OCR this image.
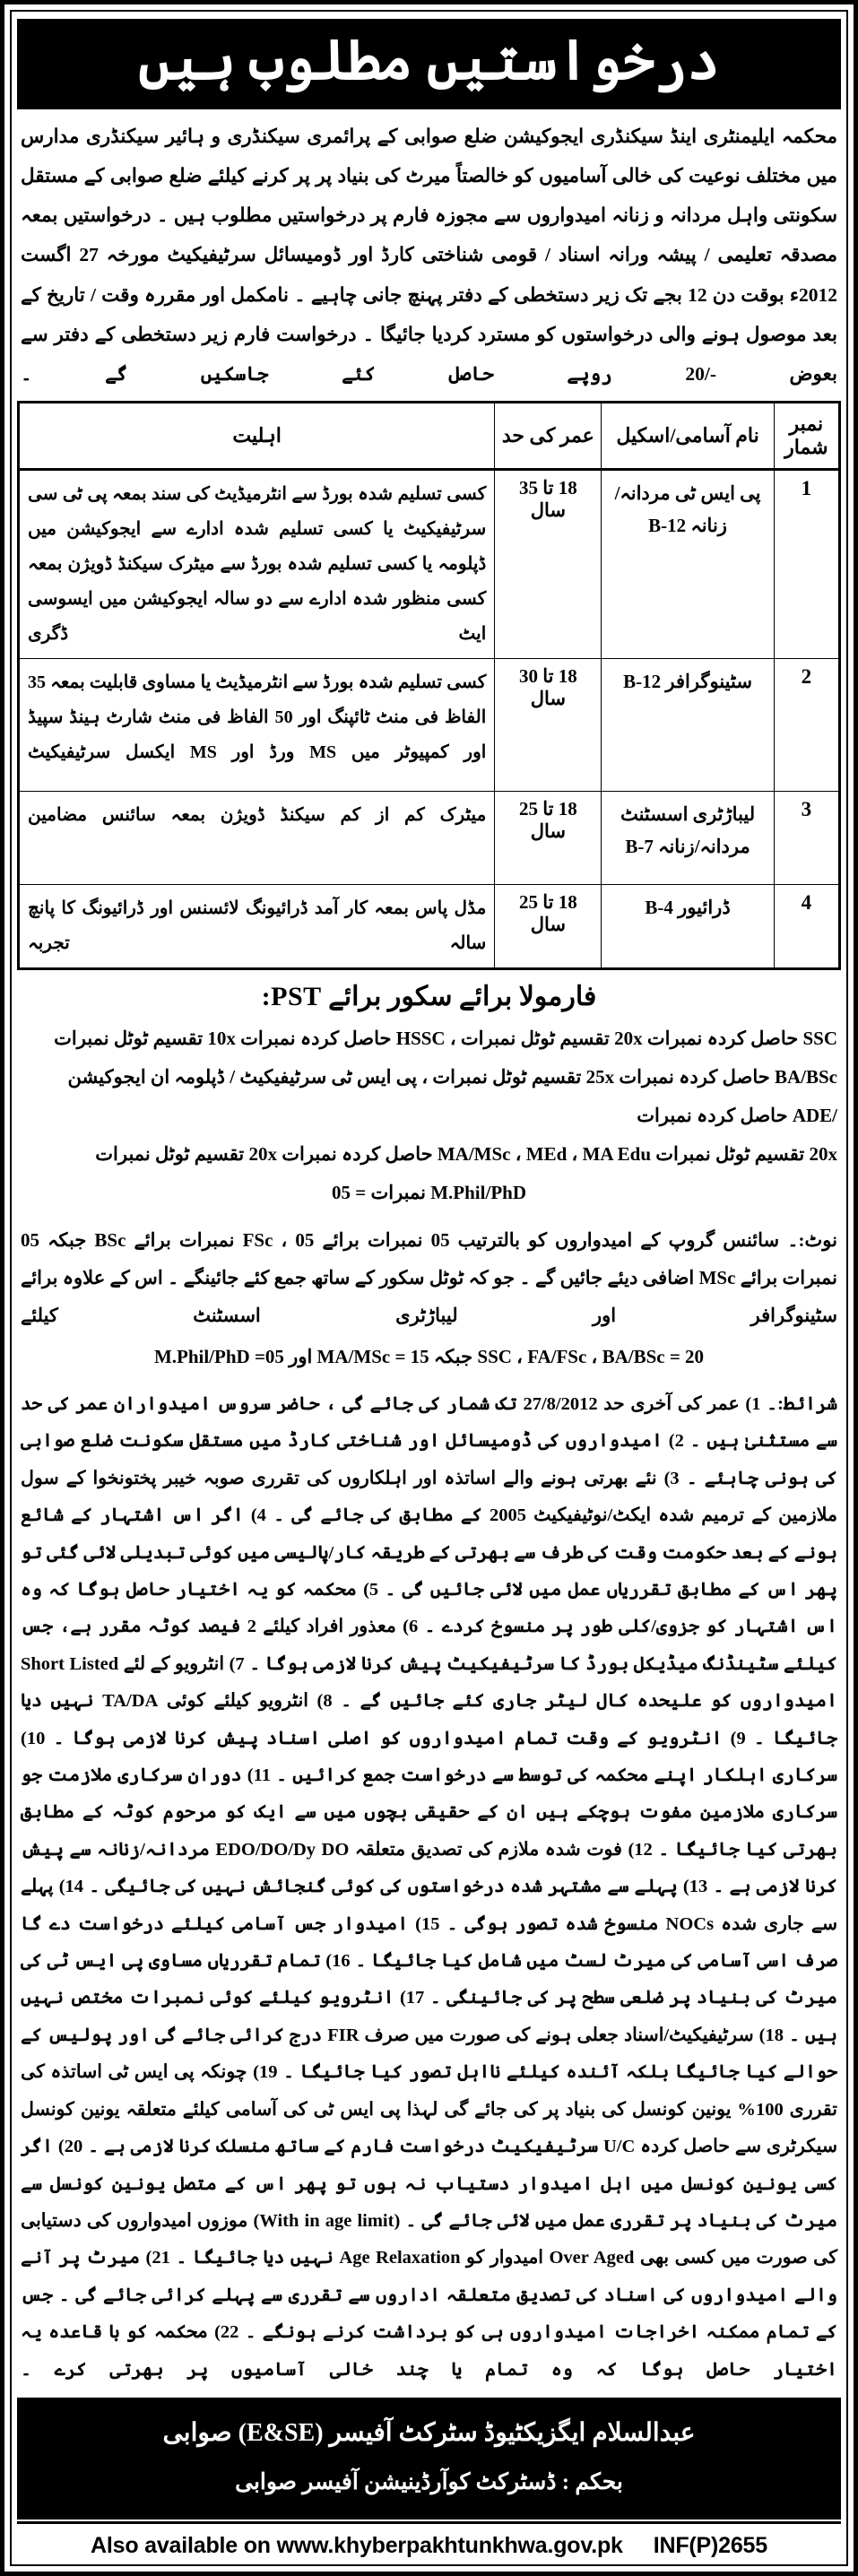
درخواستیں مطلوب ہیں
محکمہ ایلیمنٹری اینڈ سیکنڈری ایجوکیشن ضلع صوابی کے پرائمری سیکنڈری و ہائیر سیکنڈری مدارس میں مختلف نوعیت کی خالی آسامیوں کو خالصتاً میرٹ کی بنیاد پر پر کرنے کیلئے ضلع صوابی کے مستقل سکونتی واہل مردانہ و زنانہ امیدواروں سے مجوزہ فارم پر درخواستیں مطلوب ہیں ۔ درخواستیں بمعہ مصدقہ تعلیمی / پیشہ ورانہ اسناد / قومی شناختی کارڈ اور ڈومیسائل سرٹیفیکیٹ مورخہ 27 اگست 2012ء بوقت دن 12 بجے تک زیر دستخطی کے دفتر پہنچ جانی چاہیے ۔ نامکمل اور مقررہ وقت / تاریخ کے بعد موصول ہونے والی درخواستوں کو مسترد کردیا جائیگا ۔ درخواست فارم زیر دستخطی کے دفتر سے بعوض -/20 روپے حاصل کئے جاسکیں گے ۔
نمبر شمار	نام آسامی/اسکیل	عمر کی حد	اہلیت
1	پی ایس ٹی مردانہ/
زنانہ B-12	18 تا 35 سال	کسی تسلیم شدہ بورڈ سے انٹرمیڈیٹ کی سند بمعہ پی ٹی سی سرٹیفیکیٹ یا کسی تسلیم شدہ ادارے سے ایجوکیشن میں ڈپلومہ یا کسی تسلیم شدہ بورڈ سے میٹرک سیکنڈ ڈویژن بمعہ کسی منظور شدہ ادارے سے دو سالہ ایجوکیشن میں ایسوسی ایٹ ڈگری
2	سٹینوگرافر B-12	18 تا 30 سال	کسی تسلیم شدہ بورڈ سے انٹرمیڈیٹ یا مساوی قابلیت بمعہ 35 الفاظ فی منٹ ٹائپنگ اور 50 الفاظ فی منٹ شارٹ ہینڈ سپیڈ اور کمپیوٹر میں MS ورڈ اور MS ایکسل سرٹیفیکیٹ
3	لیباڑٹری اسسٹنٹ
مردانہ/زنانہ B-7	18 تا 25 سال	میٹرک کم از کم سیکنڈ ڈویژن بمعہ سائنس مضامین
4	ڈرائیور B-4	18 تا 25 سال	مڈل پاس بمعہ کار آمد ڈرائیونگ لائسنس اور ڈرائیونگ کا پانچ سالہ تجربہ
فارمولا برائے سکور برائے PST:
SSC حاصل کردہ نمبرات 20x تقسیم ٹوٹل نمبرات ، HSSC حاصل کردہ نمبرات 10x تقسیم ٹوٹل نمبرات
BA/BSc حاصل کردہ نمبرات 25x تقسیم ٹوٹل نمبرات ، پی ایس ٹی سرٹیفیکیٹ / ڈپلومہ ان ایجوکیشن /ADE حاصل کردہ نمبرات
20x تقسیم ٹوٹل نمبرات MA/MSc ، MEd ، MA Edu حاصل کردہ نمبرات 20x تقسیم ٹوٹل نمبرات
M.Phil/PhD نمبرات = 05
نوٹ:۔ سائنس گروپ کے امیدواروں کو بالترتیب 05 نمبرات برائے FSc ، 05 نمبرات برائے BSc جبکہ 05 نمبرات برائے MSc اضافی دیئے جائیں گے ۔ جو کہ ٹوٹل سکور کے ساتھ جمع کئے جائینگے ۔ اس کے علاوہ برائے سٹینوگرافر اور لیباڑٹری اسسٹنٹ کیلئے
SSC ، FA/FSc ، BA/BSc = 20 جبکہ MA/MSc = 15 اور M.Phil/PhD =05
شرائط:۔ 1) عمر کی آخری حد 27/8/2012 تک شمار کی جائے گی ، حاضر سروس امیدواران عمر کی حد سے مستثنیٰ ہیں ۔ 2) امیدواروں کی ڈومیسائل اور شناختی کارڈ میں مستقل سکونت ضلع صوابی کی ہونی چاہئے ۔ 3) نئے بھرتی ہونے والے اساتذہ اور اہلکاروں کی تقرری صوبہ خیبر پختونخوا کے سول ملازمین کے ترمیم شدہ ایکٹ/نوٹیفیکیٹ 2005 کے مطابق کی جائے گی ۔ 4) اگر اس اشتہار کے شائع ہونے کے بعد حکومت وقت کی طرف سے بھرتی کے طریقہ کار/پالیسی میں کوئی تبدیلی لائی گئی تو پھر اس کے مطابق تقرریاں عمل میں لائی جائیں گی ۔ 5) محکمہ کو یہ اختیار حاصل ہوگا کہ وہ اس اشتہار کو جزوی/کلی طور پر منسوخ کردے ۔ 6) معذور افراد کیلئے 2 فیصد کوٹہ مقرر ہے، جس کیلئے سٹینڈنگ میڈیکل بورڈ کا سرٹیفیکیٹ پیش کرنا لازمی ہوگا ۔ 7) انٹرویو کے لئے Short Listed امیدواروں کو علیحدہ کال لیٹر جاری کئے جائیں گے ۔ 8) انٹرویو کیلئے کوئی TA/DA نہیں دیا جائیگا ۔ 9) انٹرویو کے وقت تمام امیدواروں کو اصلی اسناد پیش کرنا لازمی ہوگا ۔ 10) سرکاری اہلکار اپنے محکمہ کی توسط سے درخواست جمع کرائیں ۔ 11) دوران سرکاری ملازمت جو سرکاری ملازمین مفوت ہوچکے ہیں ان کے حقیقی بچوں میں سے ایک کو مرحوم کوٹہ کے مطابق بھرتی کیا جائیگا ۔ 12) فوت شدہ ملازم کی تصدیق متعلقہ EDO/DO/Dy DO مردانہ/زنانہ سے پیش کرنا لازمی ہے ۔ 13) پہلے سے مشتہر شدہ درخواستوں کی کوئی گنجائش نہیں کی جائیگی ۔ 14) پہلے سے جاری شدہ NOCs منسوخ شدہ تصور ہوگی ۔ 15) امیدوار جس آسامی کیلئے درخواست دے گا صرف اسی آسامی کی میرٹ لسٹ میں شامل کیا جائیگا ۔ 16) تمام تقرریاں مساوی پی ایس ٹی کی میرٹ کی بنیاد پر ضلعی سطح پر کی جائینگی ۔ 17) انٹرویو کیلئے کوئی نمبرات مختص نہیں ہیں ۔ 18) سرٹیفیکیٹ/اسناد جعلی ہونے کی صورت میں صرف FIR درج کرائی جائے گی اور پولیس کے حوالے کیا جائیگا بلکہ آئندہ کیلئے نااہل تصور کیا جائیگا ۔ 19) چونکہ پی ایس ٹی اساتذہ کی تقرری 100% یونین کونسل کی بنیاد پر کی جائے گی لہذا پی ایس ٹی کی آسامی کیلئے متعلقہ یونین کونسل سیکرٹری سے حاصل کردہ U/C سرٹیفیکیٹ درخواست فارم کے ساتھ منسلک کرنا لازمی ہے ۔ 20) اگر کسی یونین کونسل میں اہل امیدوار دستیاب نہ ہوں تو پھر اس کے متصل یونین کونسل سے میرٹ کی بنیاد پر تقرری عمل میں لائی جائے گی ۔ (With in age limit) موزوں امیدواروں کی دستیابی کی صورت میں کسی بھی Over Aged امیدوار کو Age Relaxation نہیں دیا جائیگا ۔ 21) میرٹ پر آنے والے امیدواروں کی اسناد کی تصدیق متعلقہ اداروں سے تقرری سے پہلے کرائی جائے گی ۔ جس کے تمام ممکنہ اخراجات امیدواروں ہی کو برداشت کرنے ہونگے ۔ 22) محکمہ کو با قاعدہ یہ اختیار حاصل ہوگا کہ وہ تمام یا چند خالی آسامیوں پر بھرتی کرے ۔
عبدالسلام ایگزیکٹیوڈ سٹرکٹ آفیسر (E&SE) صوابی
بحکم : ڈسٹرکٹ کوآرڈینیشن آفیسر صوابی
Also available on www.khyberpakhtunkhwa.gov.pk INF(P)2655
